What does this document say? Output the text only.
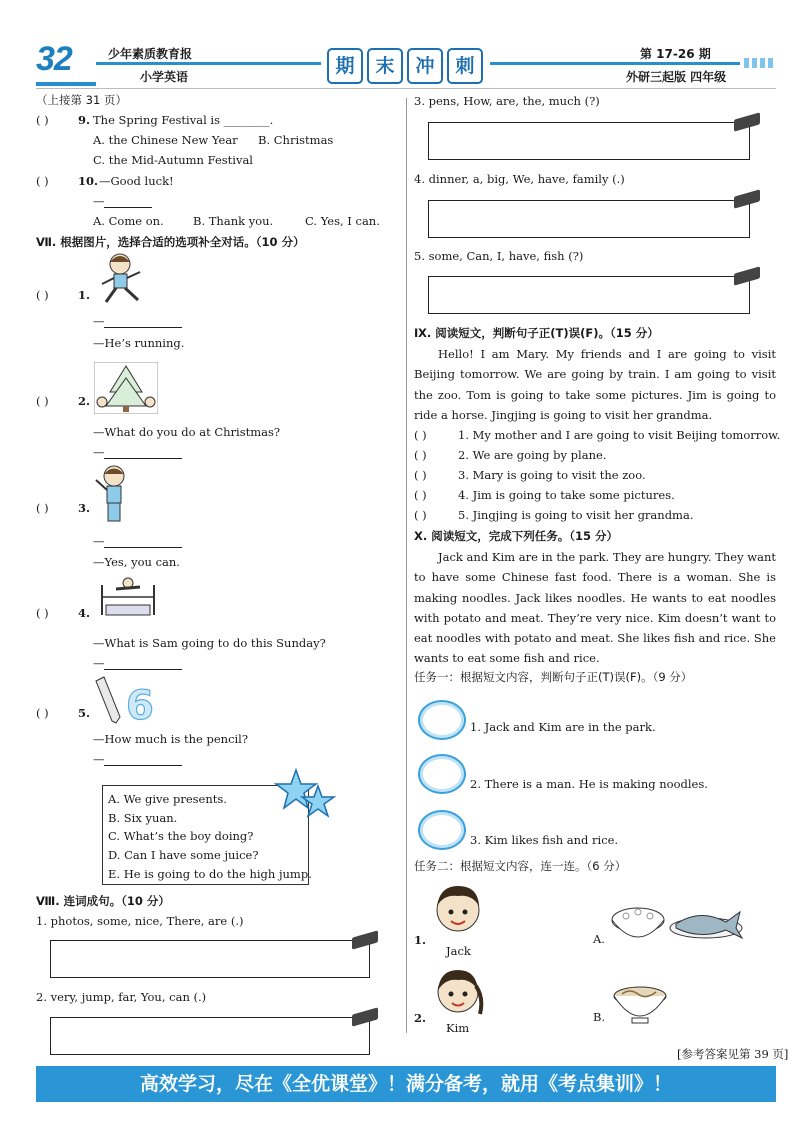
32	少年素质教育报
小学英语	期	末	冲	刺
第 17-26 期
外研三起版 四年级
（上接第 31 页）
( )	9. The Spring Festival is ________.
A. the Chinese New Year B. Christmas
C. the Mid-Autumn Festival
( )	10. —Good luck!
—
A. Come on.	B. Thank you.	C. Yes, I can.
Ⅶ. 根据图片，选择合适的选项补全对话。（10 分）
( )	1.
—
—He’s running.
( )	2.
—What do you do at Christmas?
—
( )	3.
—
—Yes, you can.
( )	4.
—What is Sam going to do this Sunday?
—
( )	5. 6
—How much is the pencil?
—
A. We give presents.
B. Six yuan.
C. What’s the boy doing?
D. Can I have some juice?
E. He is going to do the high jump.
Ⅷ. 连词成句。（10 分）
1. photos, some, nice, There, are (.)
2. very, jump, far, You, can (.)
3. pens, How, are, the, much (?)
4. dinner, a, big, We, have, family (.)
5. some, Can, I, have, fish (?)
Ⅸ. 阅读短文，判断句子正(T)误(F)。（15 分）
Hello! I am Mary. My friends and I are going to visit Beijing tomorrow. We are going by train. I am going to visit the zoo. Tom is going to take some pictures. Jim is going to ride a horse. Jingjing is going to visit her grandma.
( )	1. My mother and I are going to visit Beijing tomorrow.
( )	2. We are going by plane.
( )	3. Mary is going to visit the zoo.
( )	4. Jim is going to take some pictures.
( )	5. Jingjing is going to visit her grandma.
Ⅹ. 阅读短文，完成下列任务。（15 分）
Jack and Kim are in the park. They are hungry. They want to have some Chinese fast food. There is a woman. She is making noodles. Jack likes noodles. He wants to eat noodles with potato and meat. They’re very nice. Kim doesn’t want to eat noodles with potato and meat. She likes fish and rice. She wants to eat some fish and rice.
任务一：根据短文内容，判断句子正(T)误(F)。（9 分）
1. Jack and Kim are in the park.
2. There is a man. He is making noodles.
3. Kim likes fish and rice.
任务二：根据短文内容，连一连。（6 分）
1.
Jack
2.
Kim
A.
B.
[参考答案见第 39 页]
高效学习，尽在《全优课堂》！满分备考，就用《考点集训》！
